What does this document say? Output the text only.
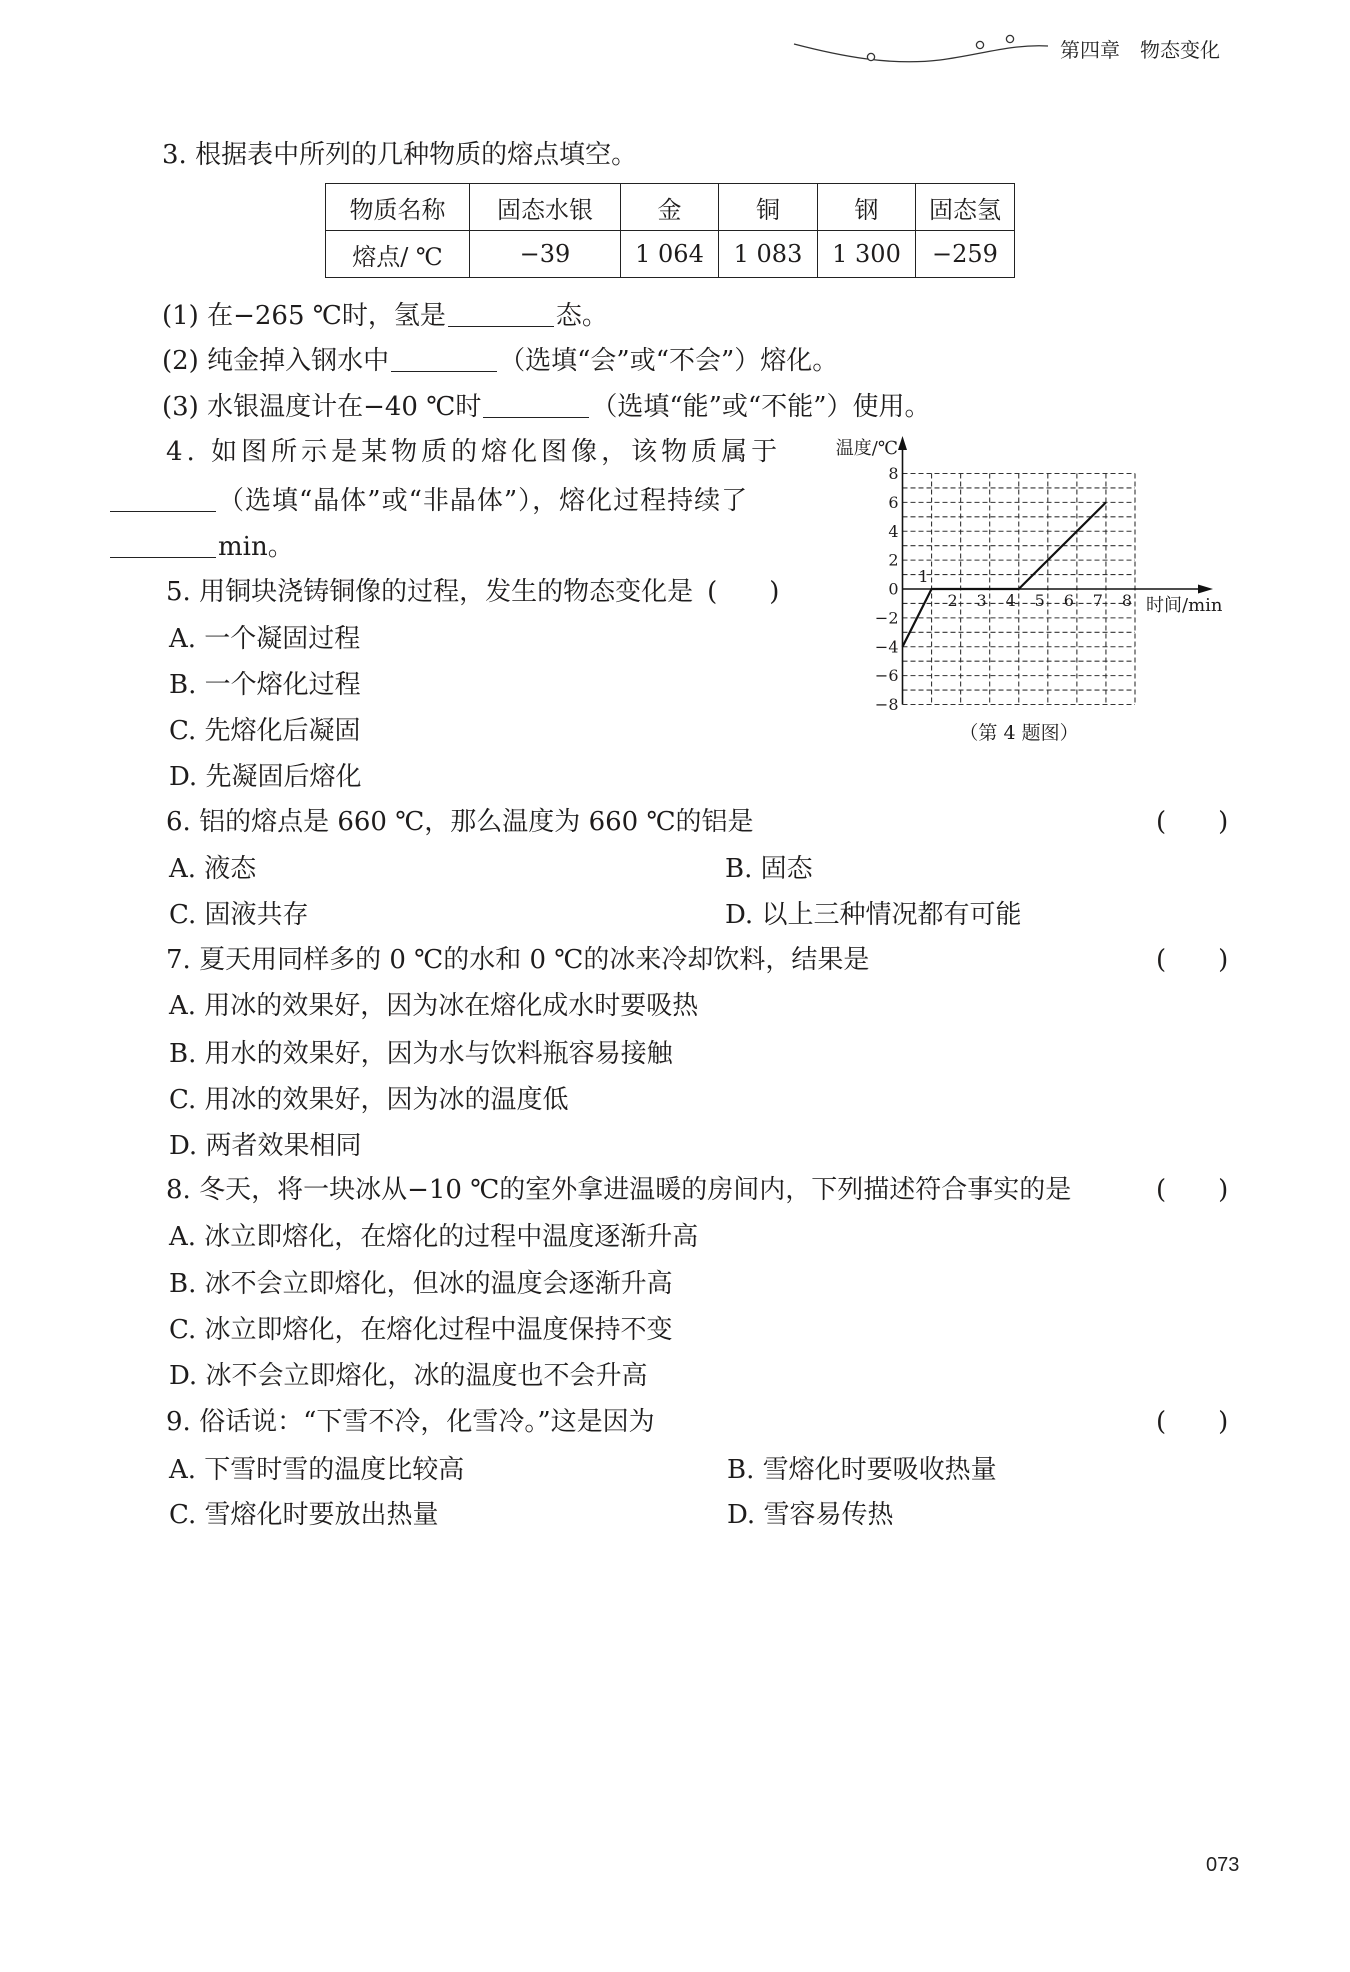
第四章　物态变化
3. 根据表中所列的几种物质的熔点填空。
物质名称	固态水银	金	铜	钢	固态氢
熔点/ ℃	−39	1 064	1 083	1 300	−259
(1) 在−265 ℃时，氢是	态。
(2) 纯金掉入钢水中	（选填“会”或“不会”）熔化。
(3) 水银温度计在−40 ℃时	（选填“能”或“不能”）使用。
4. 如图所示是某物质的熔化图像，该物质属于
（选填“晶体”或“非晶体”），熔化过程持续了
min。
温度/℃
时间/min
（第 4 题图）
8
6
4
2
0
−2
−4
−6
−8
1
2 3 4 5 6 7 8
5. 用铜块浇铸铜像的过程，发生的物态变化是 (　　)
A. 一个凝固过程
B. 一个熔化过程
C. 先熔化后凝固
D. 先凝固后熔化
6. 铝的熔点是 660 ℃，那么温度为 660 ℃的铝是	(　　)
A. 液态	B. 固态
C. 固液共存	D. 以上三种情况都有可能
7. 夏天用同样多的 0 ℃的水和 0 ℃的冰来冷却饮料，结果是	(　　)
A. 用冰的效果好，因为冰在熔化成水时要吸热
B. 用水的效果好，因为水与饮料瓶容易接触
C. 用冰的效果好，因为冰的温度低
D. 两者效果相同
8. 冬天，将一块冰从−10 ℃的室外拿进温暖的房间内，下列描述符合事实的是	(　　)
A. 冰立即熔化，在熔化的过程中温度逐渐升高
B. 冰不会立即熔化，但冰的温度会逐渐升高
C. 冰立即熔化，在熔化过程中温度保持不变
D. 冰不会立即熔化，冰的温度也不会升高
9. 俗话说：“下雪不冷，化雪冷。”这是因为	(　　)
A. 下雪时雪的温度比较高	B. 雪熔化时要吸收热量
C. 雪熔化时要放出热量	D. 雪容易传热
073
